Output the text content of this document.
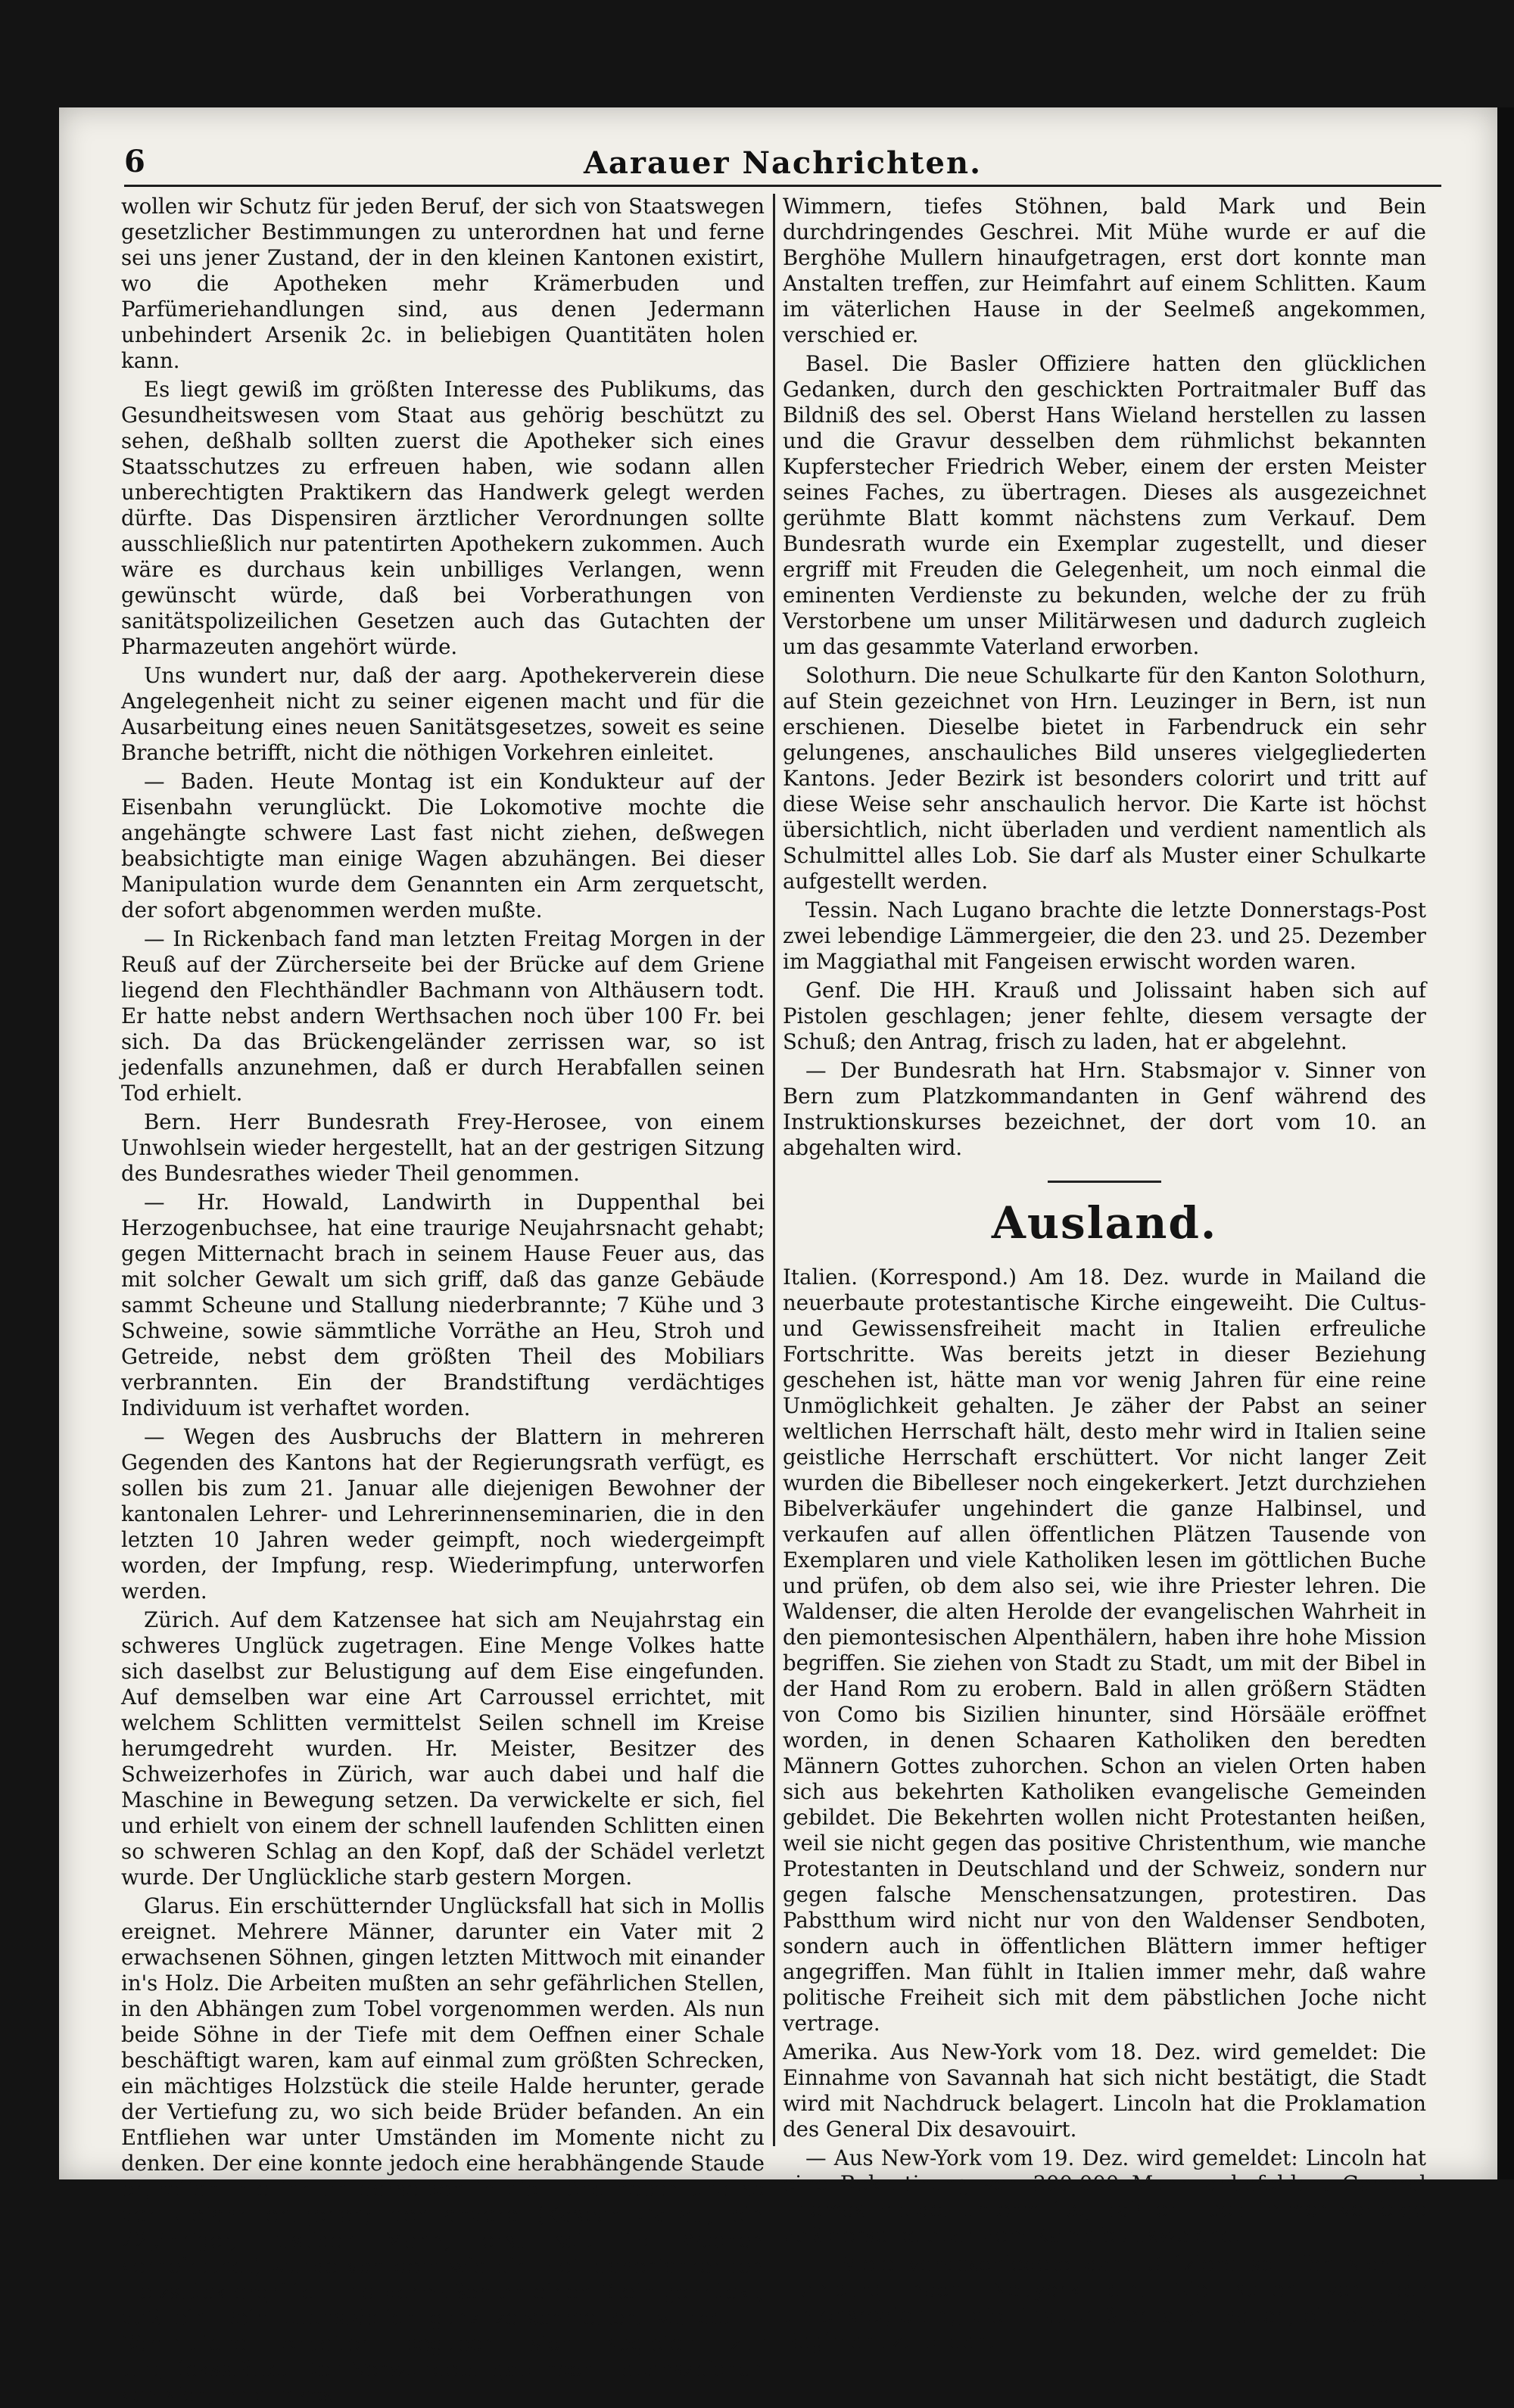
6	Aarauer Nachrichten.

wollen wir Schutz für jeden Beruf, der sich von Staatswegen gesetzlicher Bestimmungen zu unterordnen hat und ferne sei uns jener Zustand, der in den kleinen Kantonen existirt, wo die Apotheken mehr Krämerbuden und Parfümeriehandlungen sind, aus denen Jedermann unbehindert Arsenik 2c. in beliebigen Quantitäten holen kann.

Es liegt gewiß im größten Interesse des Publikums, das Gesundheitswesen vom Staat aus gehörig beschützt zu sehen, deßhalb sollten zuerst die Apotheker sich eines Staatsschutzes zu erfreuen haben, wie sodann allen unberechtigten Praktikern das Handwerk gelegt werden dürfte. Das Dispensiren ärztlicher Verordnungen sollte ausschließlich nur patentirten Apothekern zukommen. Auch wäre es durchaus kein unbilliges Verlangen, wenn gewünscht würde, daß bei Vorberathungen von sanitätspolizeilichen Gesetzen auch das Gutachten der Pharmazeuten angehört würde.

Uns wundert nur, daß der aarg. Apothekerverein diese Angelegenheit nicht zu seiner eigenen macht und für die Ausarbeitung eines neuen Sanitätsgesetzes, soweit es seine Branche betrifft, nicht die nöthigen Vorkehren einleitet.

— Baden. Heute Montag ist ein Kondukteur auf der Eisenbahn verunglückt. Die Lokomotive mochte die angehängte schwere Last fast nicht ziehen, deßwegen beabsichtigte man einige Wagen abzuhängen. Bei dieser Manipulation wurde dem Genannten ein Arm zerquetscht, der sofort abgenommen werden mußte.

— In Rickenbach fand man letzten Freitag Morgen in der Reuß auf der Zürcherseite bei der Brücke auf dem Griene liegend den Flechthändler Bachmann von Althäusern todt. Er hatte nebst andern Werthsachen noch über 100 Fr. bei sich. Da das Brückengeländer zerrissen war, so ist jedenfalls anzunehmen, daß er durch Herabfallen seinen Tod erhielt.

Bern. Herr Bundesrath Frey-Herosee, von einem Unwohlsein wieder hergestellt, hat an der gestrigen Sitzung des Bundesrathes wieder Theil genommen.

— Hr. Howald, Landwirth in Duppenthal bei Herzogenbuchsee, hat eine traurige Neujahrsnacht gehabt; gegen Mitternacht brach in seinem Hause Feuer aus, das mit solcher Gewalt um sich griff, daß das ganze Gebäude sammt Scheune und Stallung niederbrannte; 7 Kühe und 3 Schweine, sowie sämmtliche Vorräthe an Heu, Stroh und Getreide, nebst dem größten Theil des Mobiliars verbrannten. Ein der Brandstiftung verdächtiges Individuum ist verhaftet worden.

— Wegen des Ausbruchs der Blattern in mehreren Gegenden des Kantons hat der Regierungsrath verfügt, es sollen bis zum 21. Januar alle diejenigen Bewohner der kantonalen Lehrer- und Lehrerinnenseminarien, die in den letzten 10 Jahren weder geimpft, noch wiedergeimpft worden, der Impfung, resp. Wiederimpfung, unterworfen werden.

Zürich. Auf dem Katzensee hat sich am Neujahrstag ein schweres Unglück zugetragen. Eine Menge Volkes hatte sich daselbst zur Belustigung auf dem Eise eingefunden. Auf demselben war eine Art Carroussel errichtet, mit welchem Schlitten vermittelst Seilen schnell im Kreise herumgedreht wurden. Hr. Meister, Besitzer des Schweizerhofes in Zürich, war auch dabei und half die Maschine in Bewegung setzen. Da verwickelte er sich, fiel und erhielt von einem der schnell laufenden Schlitten einen so schweren Schlag an den Kopf, daß der Schädel verletzt wurde. Der Unglückliche starb gestern Morgen.

Glarus. Ein erschütternder Unglücksfall hat sich in Mollis ereignet. Mehrere Männer, darunter ein Vater mit 2 erwachsenen Söhnen, gingen letzten Mittwoch mit einander in's Holz. Die Arbeiten mußten an sehr gefährlichen Stellen, in den Abhängen zum Tobel vorgenommen werden. Als nun beide Söhne in der Tiefe mit dem Oeffnen einer Schale beschäftigt waren, kam auf einmal zum größten Schrecken, ein mächtiges Holzstück die steile Halde herunter, gerade der Vertiefung zu, wo sich beide Brüder befanden. An ein Entfliehen war unter Umständen im Momente nicht zu denken. Der eine konnte jedoch eine herabhängende Staude ergreifen, die ihn an derselben in die Höhe heben und so der Gefahr entgehen; der andere (Kaspar Gallati, ein 22jähriger, rüstiger Mann, erst seit 15 Wochen verheirathet) wurde von dem wie ein Pfeil daherfahrenden Holzstück ergriffen und dermaßen an einen Stein gedrückt, daß ein Bein buchstäblich ganz zerschmettert wurde. — Sämmtliche Arbeiter begaben sich sogleich zur Unglücksstätte. Der Verwundete gab noch Lebenszeichen von sich, bald leises

Wimmern, tiefes Stöhnen, bald Mark und Bein durchdringendes Geschrei. Mit Mühe wurde er auf die Berghöhe Mullern hinaufgetragen, erst dort konnte man Anstalten treffen, zur Heimfahrt auf einem Schlitten. Kaum im väterlichen Hause in der Seelmeß angekommen, verschied er.

Basel. Die Basler Offiziere hatten den glücklichen Gedanken, durch den geschickten Portraitmaler Buff das Bildniß des sel. Oberst Hans Wieland herstellen zu lassen und die Gravur desselben dem rühmlichst bekannten Kupferstecher Friedrich Weber, einem der ersten Meister seines Faches, zu übertragen. Dieses als ausgezeichnet gerühmte Blatt kommt nächstens zum Verkauf. Dem Bundesrath wurde ein Exemplar zugestellt, und dieser ergriff mit Freuden die Gelegenheit, um noch einmal die eminenten Verdienste zu bekunden, welche der zu früh Verstorbene um unser Militärwesen und dadurch zugleich um das gesammte Vaterland erworben.

Solothurn. Die neue Schulkarte für den Kanton Solothurn, auf Stein gezeichnet von Hrn. Leuzinger in Bern, ist nun erschienen. Dieselbe bietet in Farbendruck ein sehr gelungenes, anschauliches Bild unseres vielgegliederten Kantons. Jeder Bezirk ist besonders colorirt und tritt auf diese Weise sehr anschaulich hervor. Die Karte ist höchst übersichtlich, nicht überladen und verdient namentlich als Schulmittel alles Lob. Sie darf als Muster einer Schulkarte aufgestellt werden.

Tessin. Nach Lugano brachte die letzte Donnerstags-Post zwei lebendige Lämmergeier, die den 23. und 25. Dezember im Maggiathal mit Fangeisen erwischt worden waren.

Genf. Die HH. Krauß und Jolissaint haben sich auf Pistolen geschlagen; jener fehlte, diesem versagte der Schuß; den Antrag, frisch zu laden, hat er abgelehnt.

— Der Bundesrath hat Hrn. Stabsmajor v. Sinner von Bern zum Platzkommandanten in Genf während des Instruktionskurses bezeichnet, der dort vom 10. an abgehalten wird.

Ausland.

Italien. (Korrespond.) Am 18. Dez. wurde in Mailand die neuerbaute protestantische Kirche eingeweiht. Die Cultus- und Gewissensfreiheit macht in Italien erfreuliche Fortschritte. Was bereits jetzt in dieser Beziehung geschehen ist, hätte man vor wenig Jahren für eine reine Unmöglichkeit gehalten. Je zäher der Pabst an seiner weltlichen Herrschaft hält, desto mehr wird in Italien seine geistliche Herrschaft erschüttert. Vor nicht langer Zeit wurden die Bibelleser noch eingekerkert. Jetzt durchziehen Bibelverkäufer ungehindert die ganze Halbinsel, und verkaufen auf allen öffentlichen Plätzen Tausende von Exemplaren und viele Katholiken lesen im göttlichen Buche und prüfen, ob dem also sei, wie ihre Priester lehren. Die Waldenser, die alten Herolde der evangelischen Wahrheit in den piemontesischen Alpenthälern, haben ihre hohe Mission begriffen. Sie ziehen von Stadt zu Stadt, um mit der Bibel in der Hand Rom zu erobern. Bald in allen größern Städten von Como bis Sizilien hinunter, sind Hörsääle eröffnet worden, in denen Schaaren Katholiken den beredten Männern Gottes zuhorchen. Schon an vielen Orten haben sich aus bekehrten Katholiken evangelische Gemeinden gebildet. Die Bekehrten wollen nicht Protestanten heißen, weil sie nicht gegen das positive Christenthum, wie manche Protestanten in Deutschland und der Schweiz, sondern nur gegen falsche Menschensatzungen, protestiren. Das Pabstthum wird nicht nur von den Waldenser Sendboten, sondern auch in öffentlichen Blättern immer heftiger angegriffen. Man fühlt in Italien immer mehr, daß wahre politische Freiheit sich mit dem päbstlichen Joche nicht vertrage.

Amerika. Aus New-York vom 18. Dez. wird gemeldet: Die Einnahme von Savannah hat sich nicht bestätigt, die Stadt wird mit Nachdruck belagert. Lincoln hat die Proklamation des General Dix desavouirt.

— Aus New-York vom 19. Dez. wird gemeldet: Lincoln hat eine Rekrutirung von 300,000 Mann anbefohlen. General Thomas meldet unterm 18., daß er Hood immer verfolge daß derselbe aber dem Kampfe ausweiche.

— Viele verabschiedete dän. Offiziere schiffen sich in Hamburg nach Neuyork ein. Sie sollen von der Unionsregierung die Erlaubniß erhalten haben, ein eigenes Regiment zu bilden.
